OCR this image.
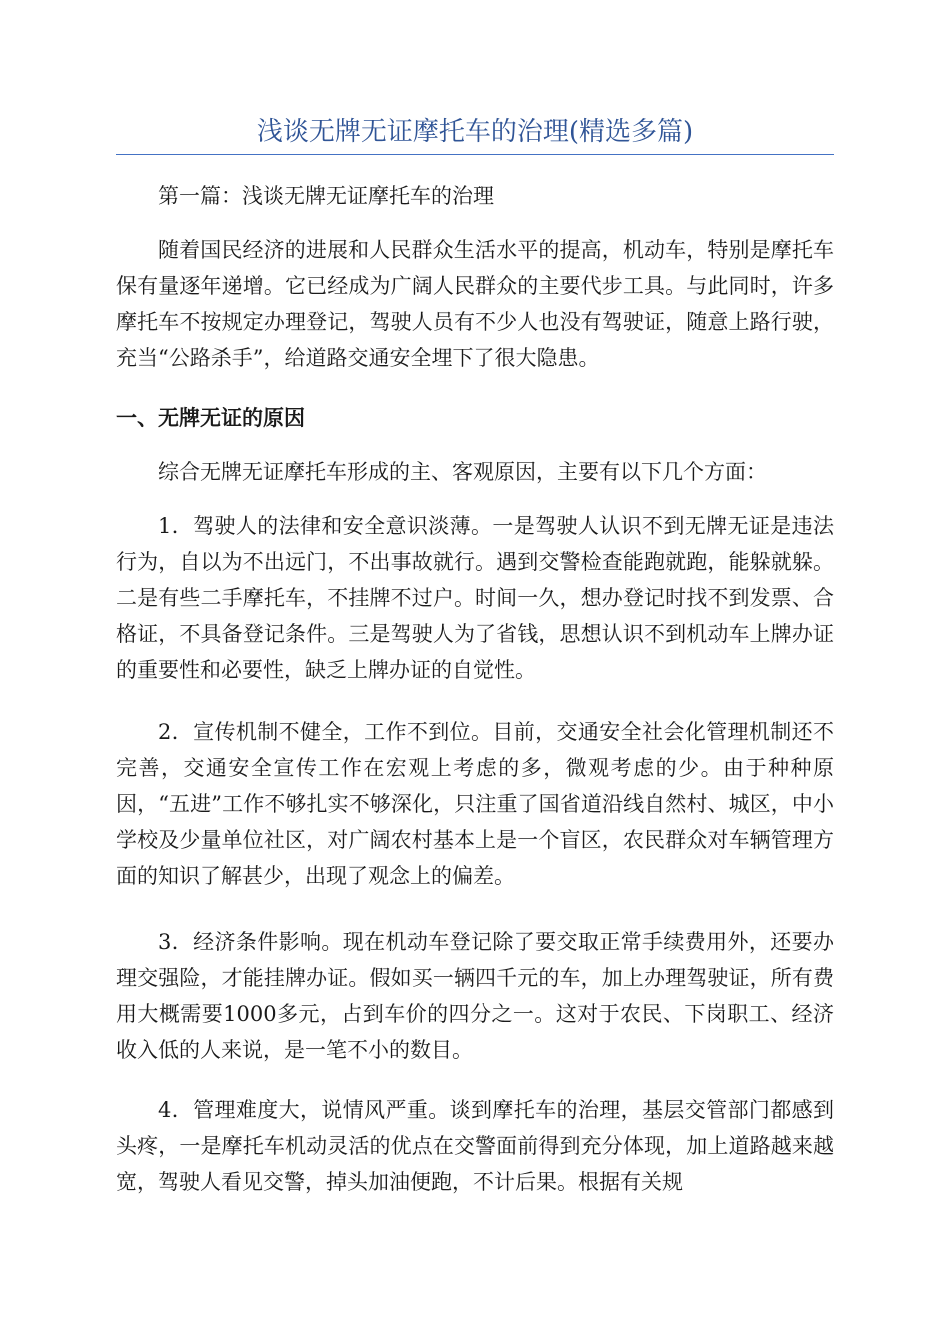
浅谈无牌无证摩托车的治理(精选多篇)

第一篇：浅谈无牌无证摩托车的治理

随着国民经济的进展和人民群众生活水平的提高，机动车，特别是摩托车保有量逐年递增。它已经成为广阔人民群众的主要代步工具。与此同时，许多摩托车不按规定办理登记，驾驶人员有不少人也没有驾驶证，随意上路行驶，充当“公路杀手”，给道路交通安全埋下了很大隐患。

一、无牌无证的原因

综合无牌无证摩托车形成的主、客观原因，主要有以下几个方面：

1．驾驶人的法律和安全意识淡薄。一是驾驶人认识不到无牌无证是违法行为，自以为不出远门，不出事故就行。遇到交警检查能跑就跑，能躲就躲。二是有些二手摩托车，不挂牌不过户。时间一久，想办登记时找不到发票、合格证，不具备登记条件。三是驾驶人为了省钱，思想认识不到机动车上牌办证的重要性和必要性，缺乏上牌办证的自觉性。

2．宣传机制不健全，工作不到位。目前，交通安全社会化管理机制还不完善，交通安全宣传工作在宏观上考虑的多，微观考虑的少。由于种种原因，“五进”工作不够扎实不够深化，只注重了国省道沿线自然村、城区，中小学校及少量单位社区，对广阔农村基本上是一个盲区，农民群众对车辆管理方面的知识了解甚少，出现了观念上的偏差。

3．经济条件影响。现在机动车登记除了要交取正常手续费用外，还要办理交强险，才能挂牌办证。假如买一辆四千元的车，加上办理驾驶证，所有费用大概需要1000多元，占到车价的四分之一。这对于农民、下岗职工、经济收入低的人来说，是一笔不小的数目。

4．管理难度大，说情风严重。谈到摩托车的治理，基层交管部门都感到头疼，一是摩托车机动灵活的优点在交警面前得到充分体现，加上道路越来越宽，驾驶人看见交警，掉头加油便跑，不计后果。根据有关规
